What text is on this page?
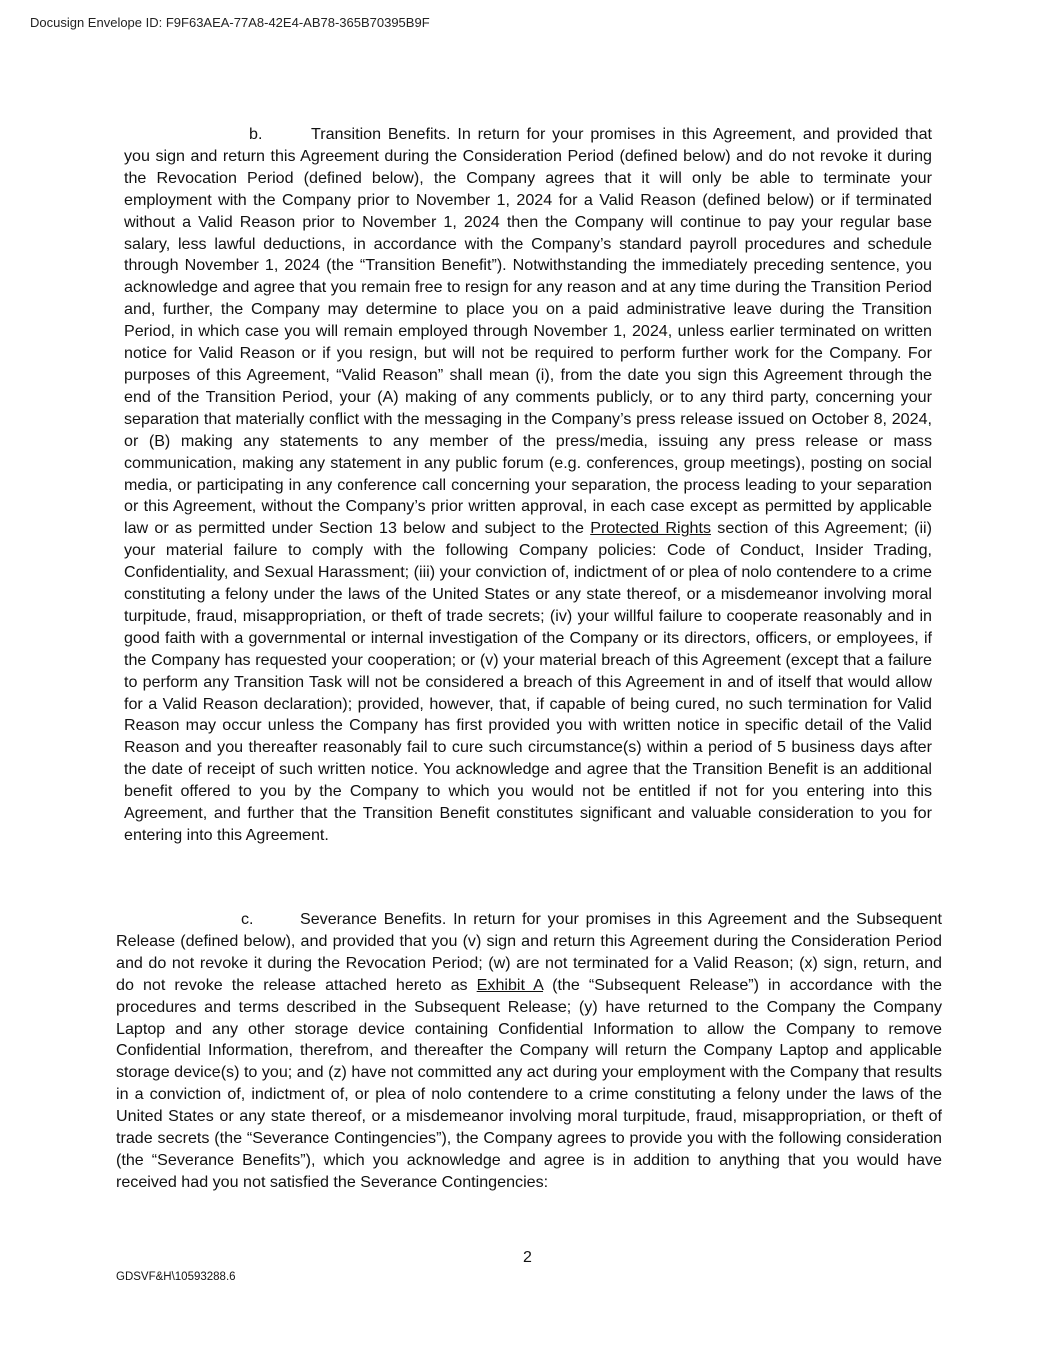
Docusign Envelope ID: F9F63AEA-77A8-42E4-AB78-365B70395B9F
b.	Transition Benefits. In return for your promises in this Agreement, and provided that you sign and return this Agreement during the Consideration Period (defined below) and do not revoke it during the Revocation Period (defined below), the Company agrees that it will only be able to terminate your employment with the Company prior to November 1, 2024 for a Valid Reason (defined below) or if terminated without a Valid Reason prior to November 1, 2024 then the Company will continue to pay your regular base salary, less lawful deductions, in accordance with the Company’s standard payroll procedures and schedule through November 1, 2024 (the “Transition Benefit”). Notwithstanding the immediately preceding sentence, you acknowledge and agree that you remain free to resign for any reason and at any time during the Transition Period and, further, the Company may determine to place you on a paid administrative leave during the Transition Period, in which case you will remain employed through November 1, 2024, unless earlier terminated on written notice for Valid Reason or if you resign, but will not be required to perform further work for the Company. For purposes of this Agreement, “Valid Reason” shall mean (i), from the date you sign this Agreement through the end of the Transition Period, your (A) making of any comments publicly, or to any third party, concerning your separation that materially conflict with the messaging in the Company’s press release issued on October 8, 2024, or (B) making any statements to any member of the press/media, issuing any press release or mass communication, making any statement in any public forum (e.g. conferences, group meetings), posting on social media, or participating in any conference call concerning your separation, the process leading to your separation or this Agreement, without the Company’s prior written approval, in each case except as permitted by applicable law or as permitted under Section 13 below and subject to the Protected Rights section of this Agreement; (ii) your material failure to comply with the following Company policies: Code of Conduct, Insider Trading, Confidentiality, and Sexual Harassment; (iii) your conviction of, indictment of or plea of nolo contendere to a crime constituting a felony under the laws of the United States or any state thereof, or a misdemeanor involving moral turpitude, fraud, misappropriation, or theft of trade secrets; (iv) your willful failure to cooperate reasonably and in good faith with a governmental or internal investigation of the Company or its directors, officers, or employees, if the Company has requested your cooperation; or (v) your material breach of this Agreement (except that a failure to perform any Transition Task will not be considered a breach of this Agreement in and of itself that would allow for a Valid Reason declaration); provided, however, that, if capable of being cured, no such termination for Valid Reason may occur unless the Company has first provided you with written notice in specific detail of the Valid Reason and you thereafter reasonably fail to cure such circumstance(s) within a period of 5 business days after the date of receipt of such written notice. You acknowledge and agree that the Transition Benefit is an additional benefit offered to you by the Company to which you would not be entitled if not for you entering into this Agreement, and further that the Transition Benefit constitutes significant and valuable consideration to you for entering into this Agreement.
c.	Severance Benefits. In return for your promises in this Agreement and the Subsequent Release (defined below), and provided that you (v) sign and return this Agreement during the Consideration Period and do not revoke it during the Revocation Period; (w) are not terminated for a Valid Reason; (x) sign, return, and do not revoke the release attached hereto as Exhibit A (the “Subsequent Release”) in accordance with the procedures and terms described in the Subsequent Release; (y) have returned to the Company the Company Laptop and any other storage device containing Confidential Information to allow the Company to remove Confidential Information, therefrom, and thereafter the Company will return the Company Laptop and applicable storage device(s) to you; and (z) have not committed any act during your employment with the Company that results in a conviction of, indictment of, or plea of nolo contendere to a crime constituting a felony under the laws of the United States or any state thereof, or a misdemeanor involving moral turpitude, fraud, misappropriation, or theft of trade secrets (the “Severance Contingencies”), the Company agrees to provide you with the following consideration (the “Severance Benefits”), which you acknowledge and agree is in addition to anything that you would have received had you not satisfied the Severance Contingencies:
2
GDSVF&H\10593288.6
